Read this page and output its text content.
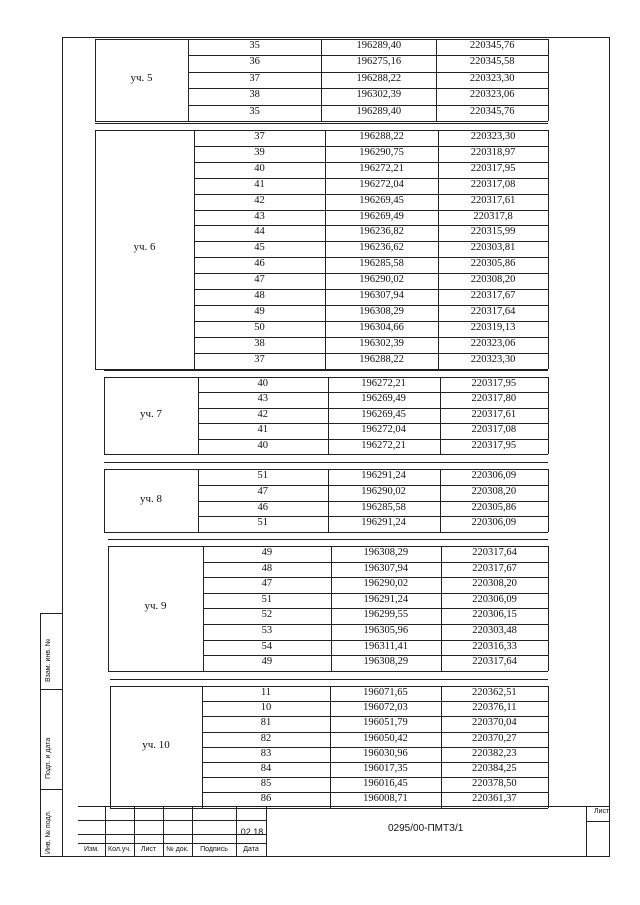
Взам. инв. №
Подп. и дата
Инв. № подл.
уч. 5
35	196289,40	220345,76
36	196275,16	220345,58
37	196288,22	220323,30
38	196302,39	220323,06
35	196289,40	220345,76
уч. 6
37	196288,22	220323,30
39	196290,75	220318,97
40	196272,21	220317,95
41	196272,04	220317,08
42	196269,45	220317,61
43	196269,49	220317,8
44	196236,82	220315,99
45	196236,62	220303,81
46	196285,58	220305,86
47	196290,02	220308,20
48	196307,94	220317,67
49	196308,29	220317,64
50	196304,66	220319,13
38	196302,39	220323,06
37	196288,22	220323,30
уч. 7
40	196272,21	220317,95
43	196269,49	220317,80
42	196269,45	220317,61
41	196272,04	220317,08
40	196272,21	220317,95
уч. 8
51	196291,24	220306,09
47	196290,02	220308,20
46	196285,58	220305,86
51	196291,24	220306,09
уч. 9
49	196308,29	220317,64
48	196307,94	220317,67
47	196290,02	220308,20
51	196291,24	220306,09
52	196299,55	220306,15
53	196305,96	220303,48
54	196311,41	220316,33
49	196308,29	220317,64
уч. 10
11	196071,65	220362,51
10	196072,03	220376,11
81	196051,79	220370,04
82	196050,42	220370,27
83	196030,96	220382,23
84	196017,35	220384,25
85	196016,45	220378,50
86	196008,71	220361,37
02.18
Изм.	Кол.уч.	Лист	№ док.	Подпись	Дата
0295/00-ПМТЗ/1
Лист
